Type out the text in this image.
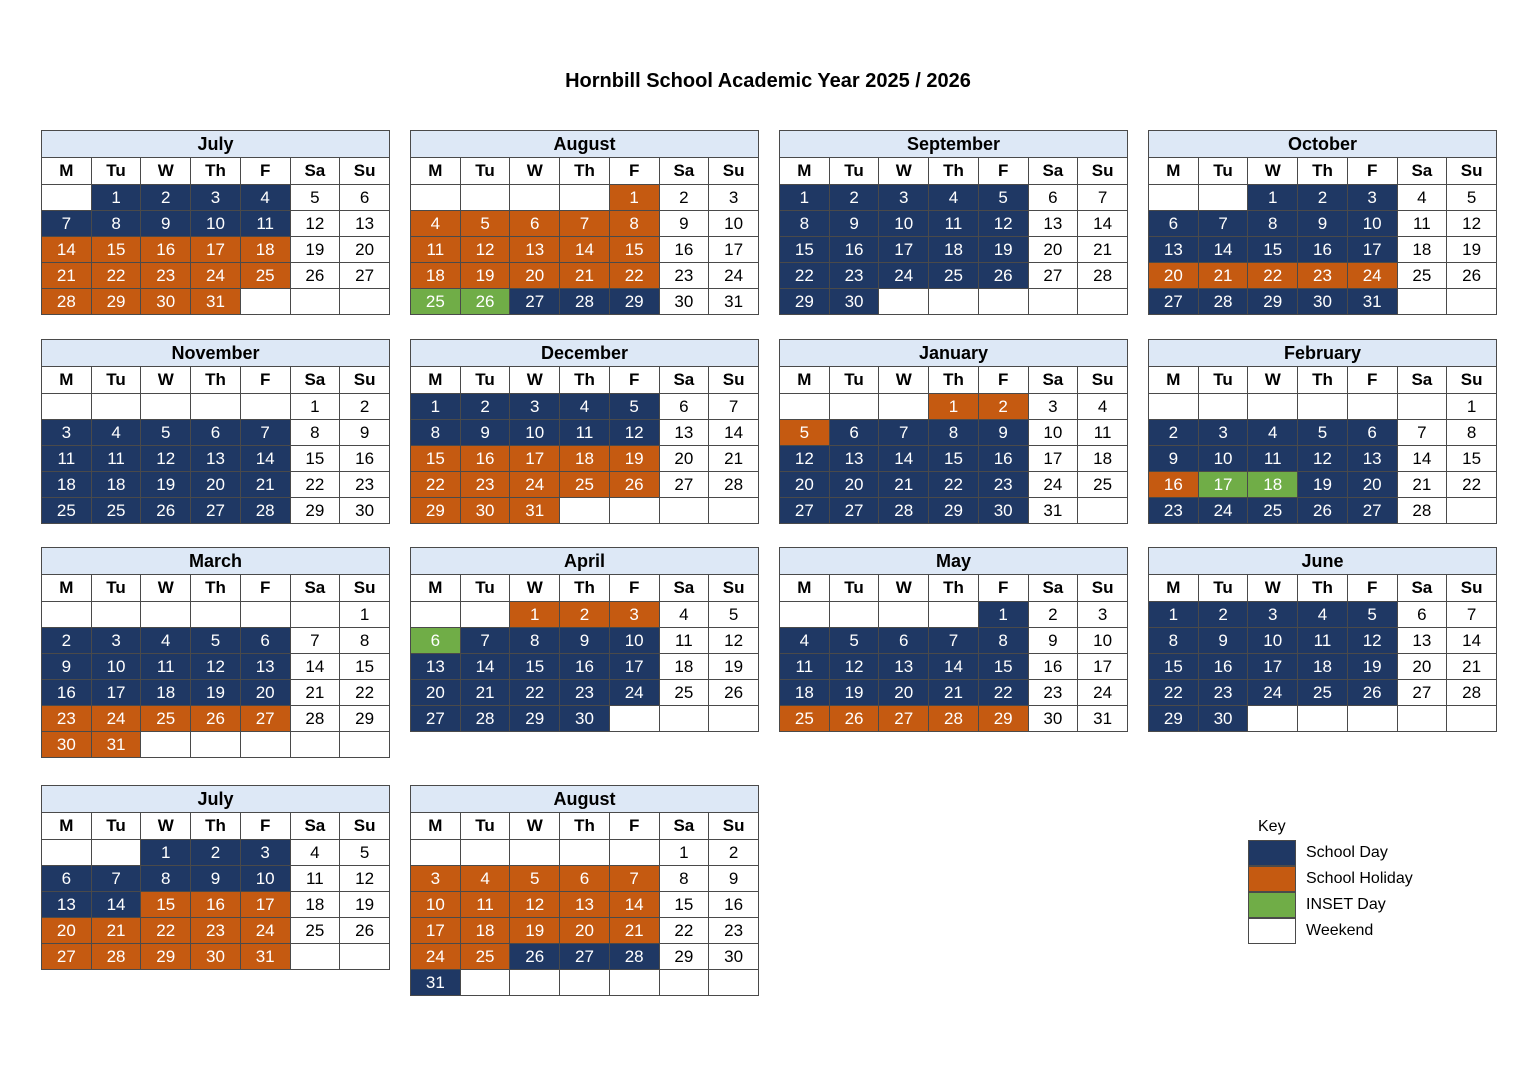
Hornbill School Academic Year 2025 / 2026
July						
M	Tu	W	Th	F	Sa	Su
	1	2	3	4	5	6
7	8	9	10	11	12	13
14	15	16	17	18	19	20
21	22	23	24	25	26	27
28	29	30	31			
August						
M	Tu	W	Th	F	Sa	Su
				1	2	3
4	5	6	7	8	9	10
11	12	13	14	15	16	17
18	19	20	21	22	23	24
25	26	27	28	29	30	31
September						
M	Tu	W	Th	F	Sa	Su
1	2	3	4	5	6	7
8	9	10	11	12	13	14
15	16	17	18	19	20	21
22	23	24	25	26	27	28
29	30					
October						
M	Tu	W	Th	F	Sa	Su
		1	2	3	4	5
6	7	8	9	10	11	12
13	14	15	16	17	18	19
20	21	22	23	24	25	26
27	28	29	30	31		
November						
M	Tu	W	Th	F	Sa	Su
					1	2
3	4	5	6	7	8	9
11	11	12	13	14	15	16
18	18	19	20	21	22	23
25	25	26	27	28	29	30
December						
M	Tu	W	Th	F	Sa	Su
1	2	3	4	5	6	7
8	9	10	11	12	13	14
15	16	17	18	19	20	21
22	23	24	25	26	27	28
29	30	31				
January						
M	Tu	W	Th	F	Sa	Su
			1	2	3	4
5	6	7	8	9	10	11
12	13	14	15	16	17	18
20	20	21	22	23	24	25
27	27	28	29	30	31	
February						
M	Tu	W	Th	F	Sa	Su
						1
2	3	4	5	6	7	8
9	10	11	12	13	14	15
16	17	18	19	20	21	22
23	24	25	26	27	28	
March						
M	Tu	W	Th	F	Sa	Su
						1
2	3	4	5	6	7	8
9	10	11	12	13	14	15
16	17	18	19	20	21	22
23	24	25	26	27	28	29
30	31					
April						
M	Tu	W	Th	F	Sa	Su
		1	2	3	4	5
6	7	8	9	10	11	12
13	14	15	16	17	18	19
20	21	22	23	24	25	26
27	28	29	30			
May						
M	Tu	W	Th	F	Sa	Su
				1	2	3
4	5	6	7	8	9	10
11	12	13	14	15	16	17
18	19	20	21	22	23	24
25	26	27	28	29	30	31
June						
M	Tu	W	Th	F	Sa	Su
1	2	3	4	5	6	7
8	9	10	11	12	13	14
15	16	17	18	19	20	21
22	23	24	25	26	27	28
29	30					
July						
M	Tu	W	Th	F	Sa	Su
		1	2	3	4	5
6	7	8	9	10	11	12
13	14	15	16	17	18	19
20	21	22	23	24	25	26
27	28	29	30	31		
August						
M	Tu	W	Th	F	Sa	Su
					1	2
3	4	5	6	7	8	9
10	11	12	13	14	15	16
17	18	19	20	21	22	23
24	25	26	27	28	29	30
31						
Key
School Day
School Holiday
INSET Day
Weekend
